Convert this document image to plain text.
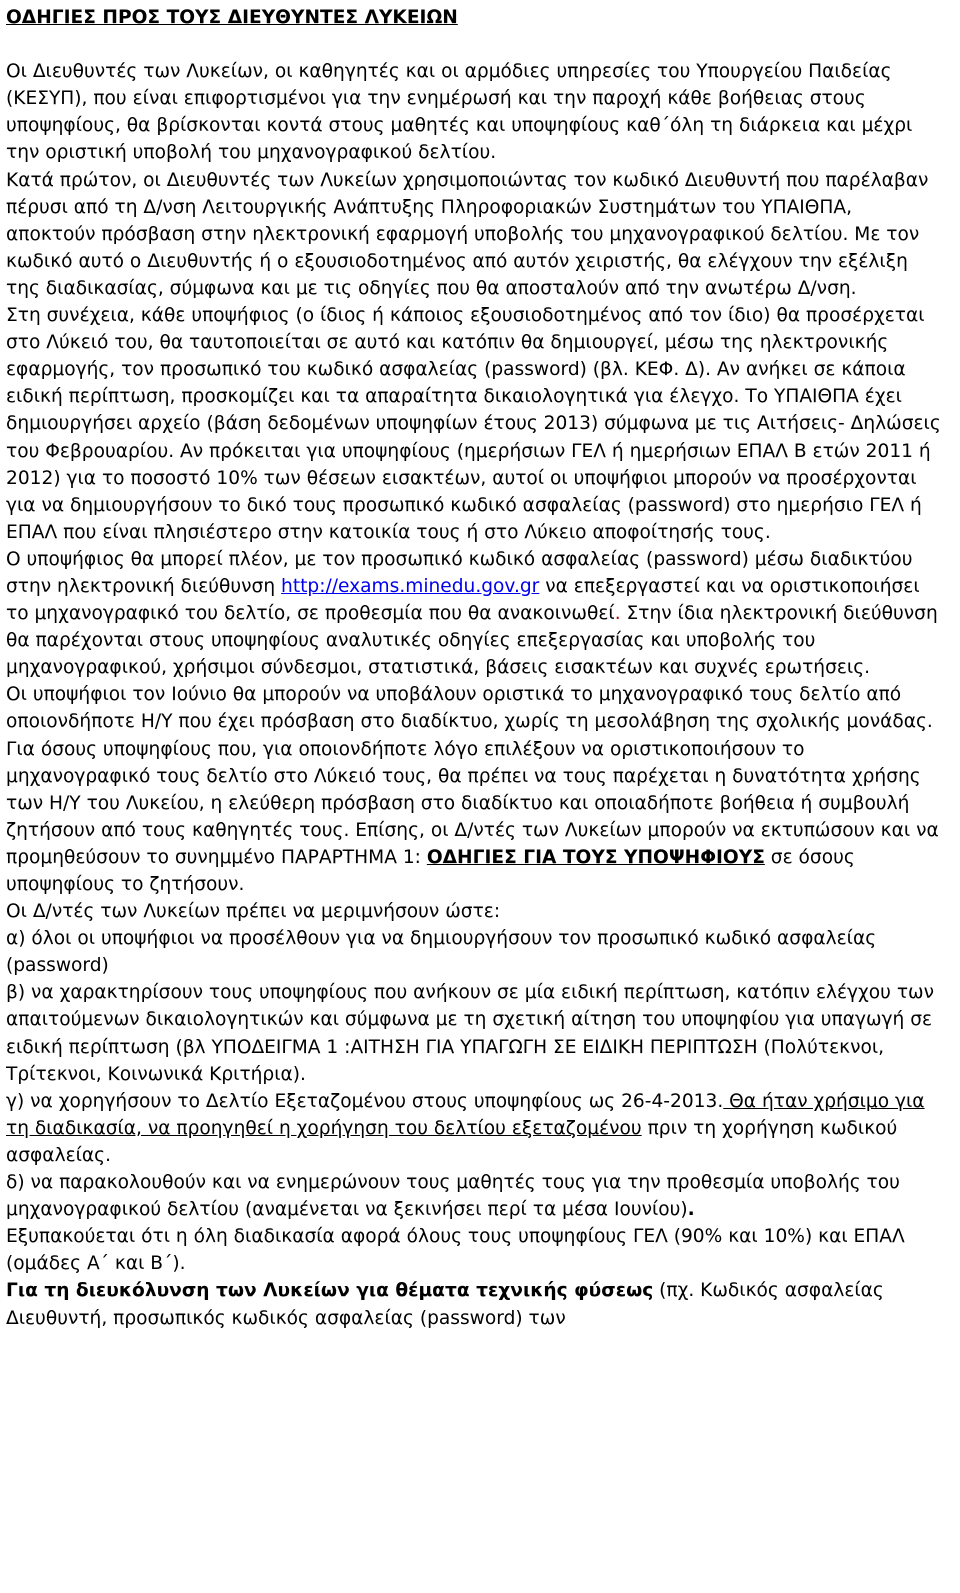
ΟΔΗΓΙΕΣ ΠΡΟΣ ΤΟΥΣ ΔΙΕΥΘΥΝΤΕΣ ΛΥΚΕΙΩΝ

Οι Διευθυντές των Λυκείων, οι καθηγητές και οι αρμόδιες υπηρεσίες του Υπουργείου Παιδείας (ΚΕΣΥΠ), που είναι επιφορτισμένοι για την ενημέρωσή και την παροχή κάθε βοήθειας στους υποψηφίους, θα βρίσκονται κοντά στους μαθητές και υποψηφίους καθ΄όλη τη διάρκεια και μέχρι την οριστική υποβολή του μηχανογραφικού δελτίου.

Κατά πρώτον, οι Διευθυντές των Λυκείων χρησιμοποιώντας τον κωδικό Διευθυντή που παρέλαβαν πέρυσι από τη Δ/νση Λειτουργικής Ανάπτυξης Πληροφοριακών Συστημάτων του ΥΠΑΙΘΠΑ, αποκτούν πρόσβαση στην ηλεκτρονική εφαρμογή υποβολής του μηχανογραφικού δελτίου. Με τον κωδικό αυτό ο Διευθυντής ή ο εξουσιοδοτημένος από αυτόν χειριστής, θα ελέγχουν την εξέλιξη της διαδικασίας, σύμφωνα και με τις οδηγίες που θα αποσταλούν από την ανωτέρω Δ/νση.

Στη συνέχεια, κάθε υποψήφιος (ο ίδιος ή κάποιος εξουσιοδοτημένος από τον ίδιο) θα προσέρχεται στο Λύκειό του, θα ταυτοποιείται σε αυτό και κατόπιν θα δημιουργεί, μέσω της ηλεκτρονικής εφαρμογής, τον προσωπικό του κωδικό ασφαλείας (password) (βλ. ΚΕΦ. Δ). Αν ανήκει σε κάποια ειδική περίπτωση, προσκομίζει και τα απαραίτητα δικαιολογητικά για έλεγχο. Το ΥΠΑΙΘΠΑ έχει δημιουργήσει αρχείο (βάση δεδομένων υποψηφίων έτους 2013) σύμφωνα με τις Αιτήσεις- Δηλώσεις του Φεβρουαρίου. Αν πρόκειται για υποψηφίους (ημερήσιων ΓΕΛ ή ημερήσιων ΕΠΑΛ Β ετών 2011 ή 2012) για το ποσοστό 10% των θέσεων εισακτέων, αυτοί οι υποψήφιοι μπορούν να προσέρχονται για να δημιουργήσουν το δικό τους προσωπικό κωδικό ασφαλείας (password) στο ημερήσιο ΓΕΛ ή ΕΠΑΛ που είναι πλησιέστερο στην κατοικία τους ή στο Λύκειο αποφοίτησής τους.

Ο υποψήφιος θα μπορεί πλέον, με τον προσωπικό κωδικό ασφαλείας (password) μέσω διαδικτύου στην ηλεκτρονική διεύθυνση http://exams.minedu.gov.gr να επεξεργαστεί και να οριστικοποιήσει το μηχανογραφικό του δελτίο, σε προθεσμία που θα ανακοινωθεί. Στην ίδια ηλεκτρονική διεύθυνση θα παρέχονται στους υποψηφίους αναλυτικές οδηγίες επεξεργασίας και υποβολής του μηχανογραφικού, χρήσιμοι σύνδεσμοι, στατιστικά, βάσεις εισακτέων και συχνές ερωτήσεις.

Οι υποψήφιοι τον Ιούνιο θα μπορούν να υποβάλουν οριστικά το μηχανογραφικό τους δελτίο από οποιονδήποτε Η/Υ που έχει πρόσβαση στο διαδίκτυο, χωρίς τη μεσολάβηση της σχολικής μονάδας. Για όσους υποψηφίους που, για οποιονδήποτε λόγο επιλέξουν να οριστικοποιήσουν το μηχανογραφικό τους δελτίο στο Λύκειό τους, θα πρέπει να τους παρέχεται η δυνατότητα χρήσης των Η/Υ του Λυκείου, η ελεύθερη πρόσβαση στο διαδίκτυο και οποιαδήποτε βοήθεια ή συμβουλή ζητήσουν από τους καθηγητές τους. Επίσης, οι Δ/ντές των Λυκείων μπορούν να εκτυπώσουν και να προμηθεύσουν το συνημμένο ΠΑΡΑΡΤΗΜΑ 1: ΟΔΗΓΙΕΣ ΓΙΑ ΤΟΥΣ ΥΠΟΨΗΦΙΟΥΣ σε όσους υποψηφίους το ζητήσουν.

Οι Δ/ντές των Λυκείων πρέπει να μεριμνήσουν ώστε:

α) όλοι οι υποψήφιοι να προσέλθουν για να δημιουργήσουν τον προσωπικό κωδικό ασφαλείας (password)

β) να χαρακτηρίσουν τους υποψηφίους που ανήκουν σε μία ειδική περίπτωση, κατόπιν ελέγχου των απαιτούμενων δικαιολογητικών και σύμφωνα με τη σχετική αίτηση του υποψηφίου για υπαγωγή σε ειδική περίπτωση (βλ ΥΠΟΔΕΙΓΜΑ 1 :ΑΙΤΗΣΗ ΓΙΑ ΥΠΑΓΩΓΗ ΣΕ ΕΙΔΙΚΗ ΠΕΡΙΠΤΩΣΗ (Πολύτεκνοι, Τρίτεκνοι, Κοινωνικά Κριτήρια).

γ) να χορηγήσουν το Δελτίο Εξεταζομένου στους υποψηφίους ως 26-4-2013. Θα ήταν χρήσιμο για τη διαδικασία, να προηγηθεί η χορήγηση του δελτίου εξεταζομένου πριν τη χορήγηση κωδικού ασφαλείας.

δ) να παρακολουθούν και να ενημερώνουν τους μαθητές τους για την προθεσμία υποβολής του μηχανογραφικού δελτίου (αναμένεται να ξεκινήσει περί τα μέσα Ιουνίου).

Εξυπακούεται ότι η όλη διαδικασία αφορά όλους τους υποψηφίους ΓΕΛ (90% και 10%) και ΕΠΑΛ (ομάδες Α΄ και Β΄).

Για τη διευκόλυνση των Λυκείων για θέματα τεχνικής φύσεως (πχ. Κωδικός ασφαλείας Διευθυντή, προσωπικός κωδικός ασφαλείας (password) των
